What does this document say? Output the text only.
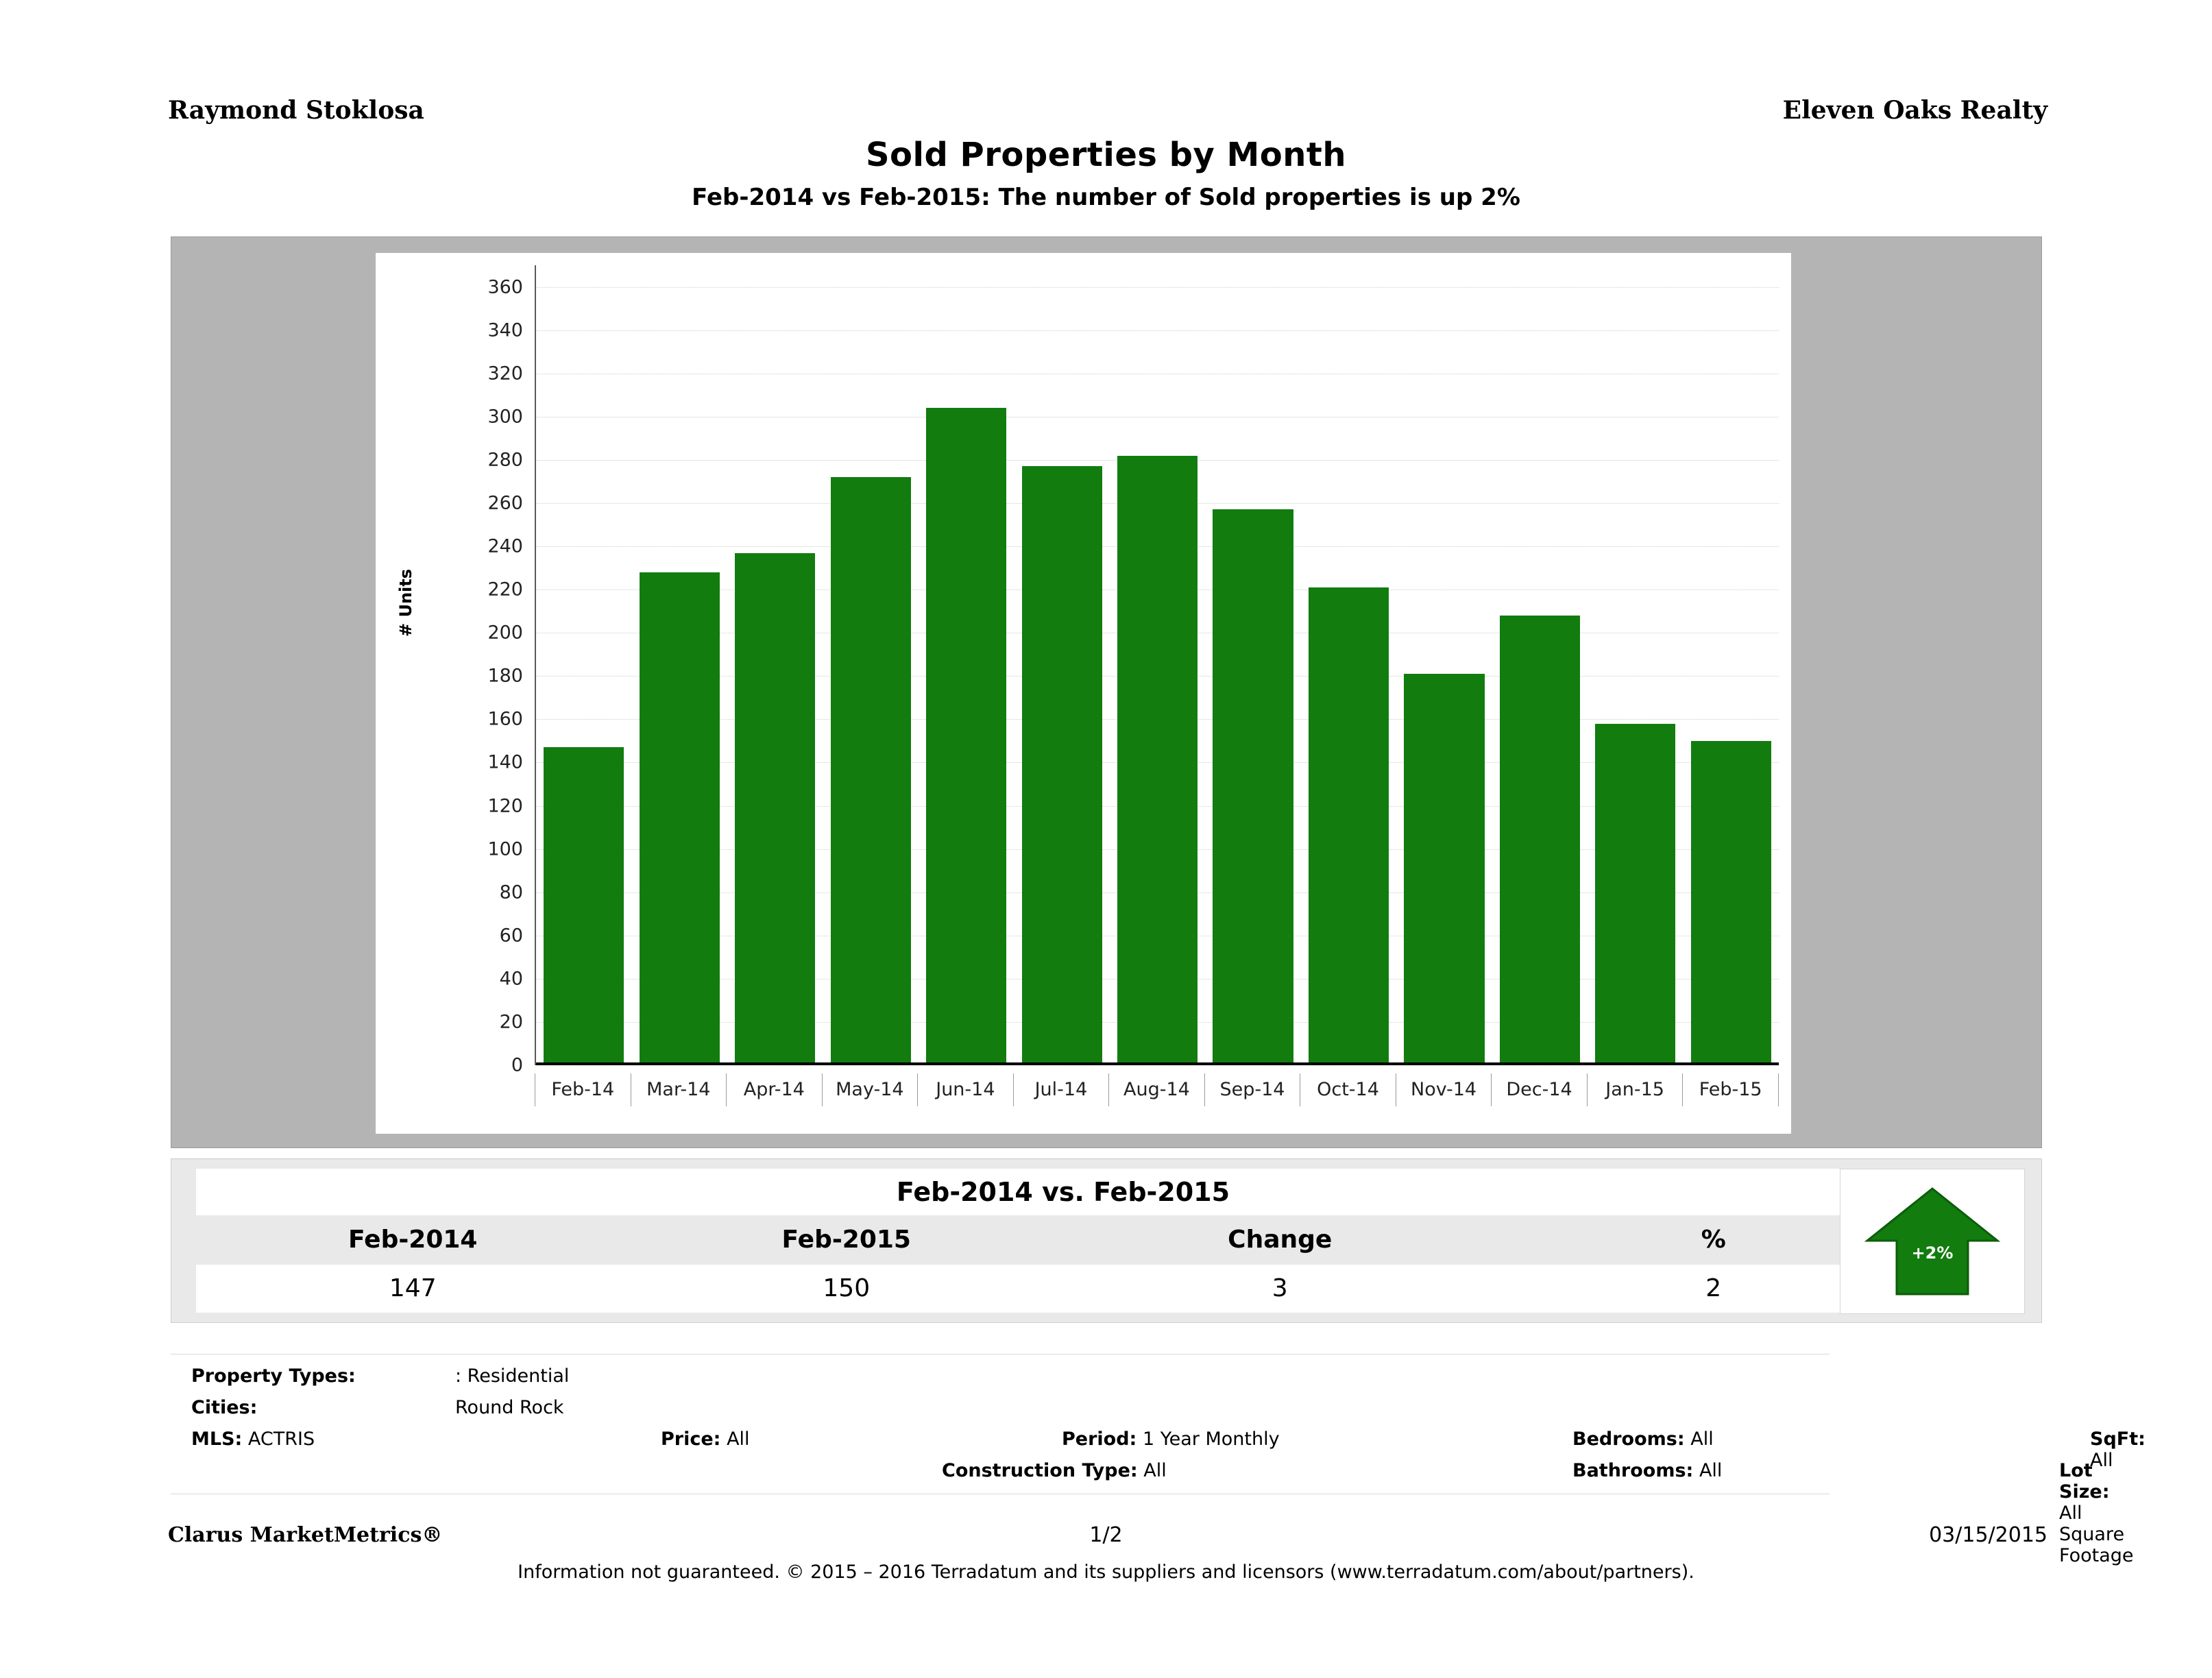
Raymond Stoklosa	Eleven Oaks Realty
Sold Properties by Month
Feb-2014 vs Feb-2015: The number of Sold properties is up 2%
# Units
0
20
40
60
80
100
120
140
160
180
200
220
240
260
280
300
320
340
360
Feb-14	Mar-14	Apr-14	May-14	Jun-14	Jul-14	Aug-14	Sep-14	Oct-14	Nov-14	Dec-14	Jan-15	Feb-15
Feb-2014 vs. Feb-2015
Feb-2014	Feb-2015	Change	%
147	150	3	2
+2%
Property Types:	: Residential
Cities:	Round Rock
MLS: ACTRIS	Price: All	Period: 1 Year Monthly	Bedrooms: All	SqFt: All
Construction Type: All	Bathrooms: All	Lot Size: All Square Footage
Clarus MarketMetrics®	1/2	03/15/2015
Information not guaranteed. © 2015 – 2016 Terradatum and its suppliers and licensors (www.terradatum.com/about/partners).
